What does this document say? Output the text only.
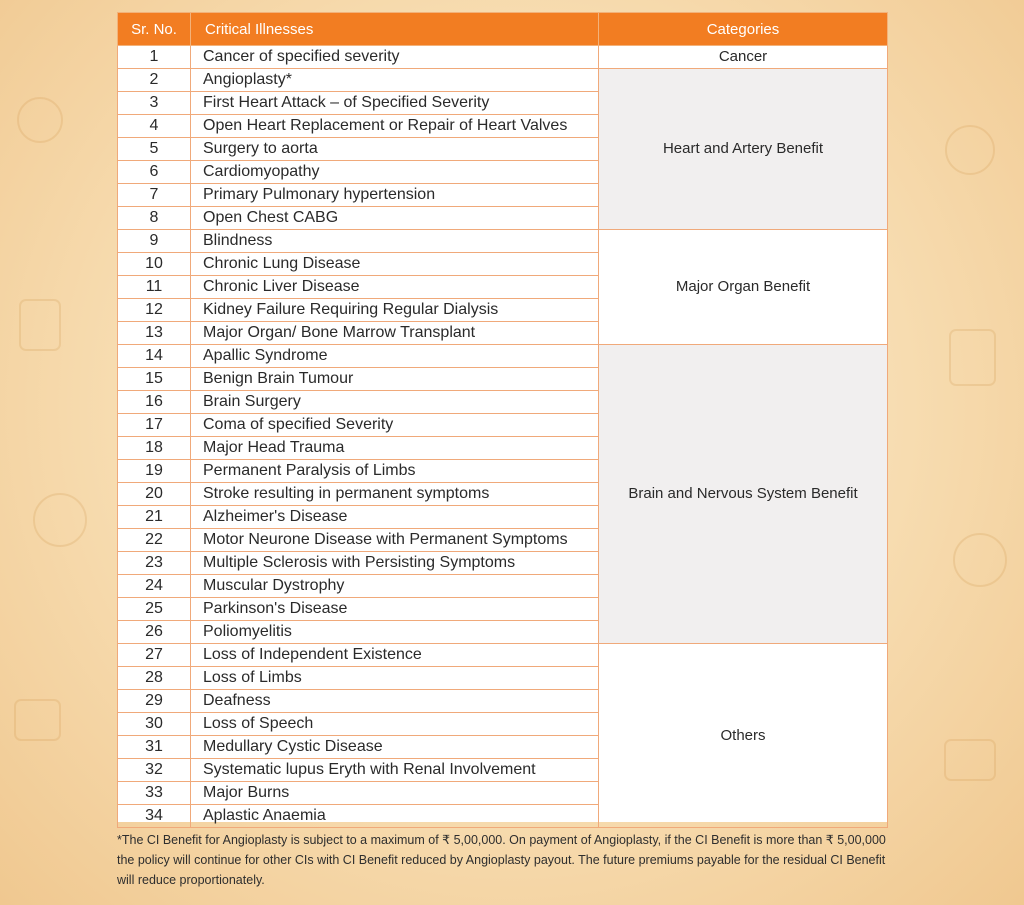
Sr. No.	Critical Illnesses	Categories
1	Cancer of specified severity	Cancer
2	Angioplasty*	Heart and Artery Benefit
3	First Heart Attack – of Specified Severity	
4	Open Heart Replacement or Repair of Heart Valves	
5	Surgery to aorta	
6	Cardiomyopathy	
7	Primary Pulmonary hypertension	
8	Open Chest CABG	
9	Blindness	Major Organ Benefit
10	Chronic Lung Disease	
11	Chronic Liver Disease	
12	Kidney Failure Requiring Regular Dialysis	
13	Major Organ/ Bone Marrow Transplant	
14	Apallic Syndrome	Brain and Nervous System Benefit
15	Benign Brain Tumour	
16	Brain Surgery	
17	Coma of specified Severity	
18	Major Head Trauma	
19	Permanent Paralysis of Limbs	
20	Stroke resulting in permanent symptoms	
21	Alzheimer's Disease	
22	Motor Neurone Disease with Permanent Symptoms	
23	Multiple Sclerosis with Persisting Symptoms	
24	Muscular Dystrophy	
25	Parkinson's Disease	
26	Poliomyelitis	
27	Loss of Independent Existence	Others
28	Loss of Limbs	
29	Deafness	
30	Loss of Speech	
31	Medullary Cystic Disease	
32	Systematic lupus Eryth with Renal Involvement	
33	Major Burns	
34	Aplastic Anaemia	
*The CI Benefit for Angioplasty is subject to a maximum of ₹ 5,00,000. On payment of Angioplasty, if the CI Benefit is more than ₹ 5,00,000 the policy will continue for other CIs with CI Benefit reduced by Angioplasty payout. The future premiums payable for the residual CI Benefit will reduce proportionately.
